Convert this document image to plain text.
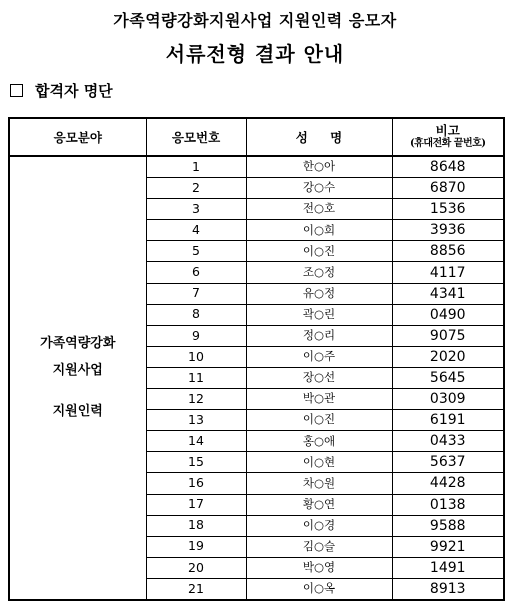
가족역량강화지원사업 지원인력 응모자
서류전형 결과 안내
합격자 명단
응모분야	응모번호	성 명	비고
(휴대전화 끝번호)

가족역량강화
지원사업
지원인력	1	한○아	8648
	2	강○수	6870
	3	전○호	1536
	4	이○희	3936
	5	이○진	8856
	6	조○정	4117
	7	유○정	4341
	8	곽○린	0490
	9	정○리	9075
	10	이○주	2020
	11	장○선	5645
	12	박○관	0309
	13	이○진	6191
	14	홍○애	0433
	15	이○현	5637
	16	차○원	4428
	17	황○연	0138
	18	이○경	9588
	19	김○슬	9921
	20	박○영	1491
	21	이○옥	8913
